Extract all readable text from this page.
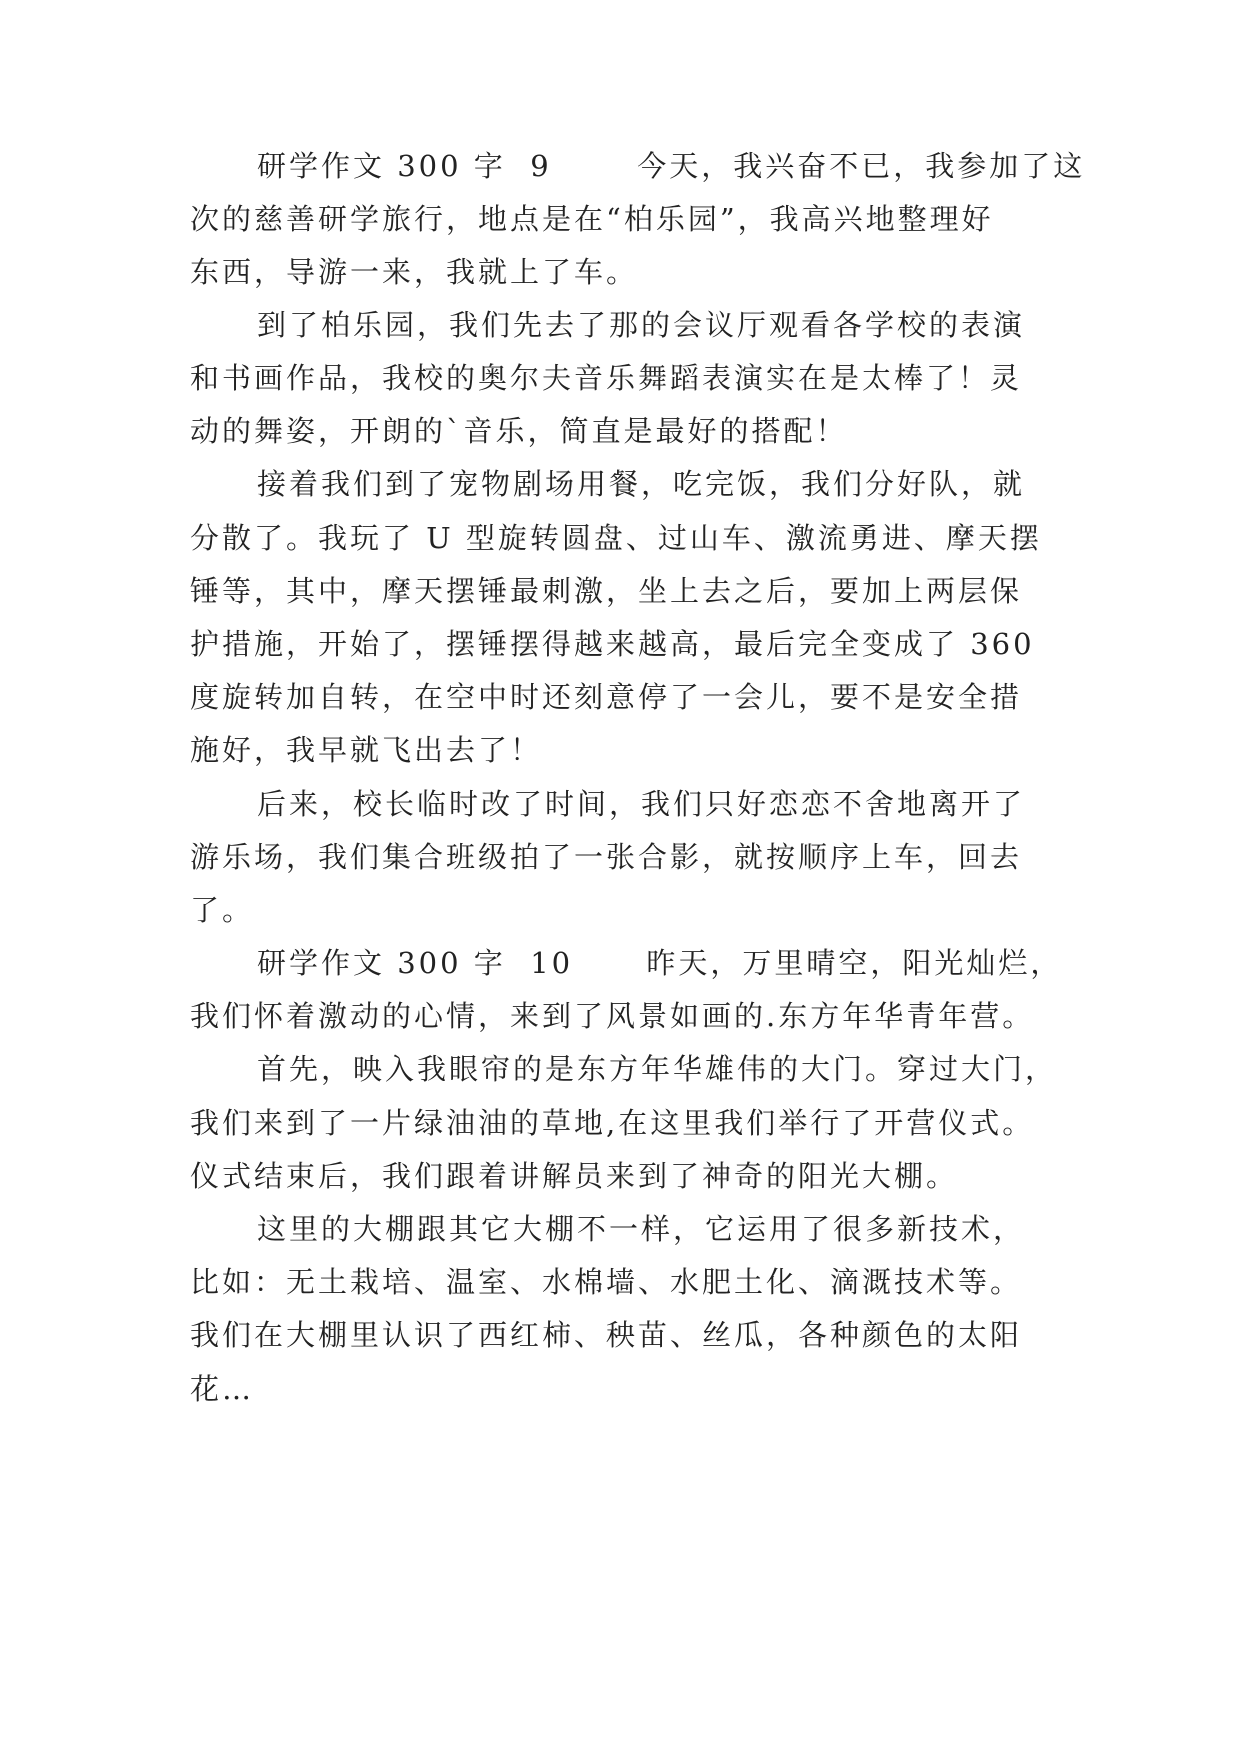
研学作文 300 字  9       今天，我兴奋不已，我参加了这

次的慈善研学旅行，地点是在“柏乐园”，我高兴地整理好

东西，导游一来，我就上了车。

到了柏乐园，我们先去了那的会议厅观看各学校的表演

和书画作品，我校的奥尔夫音乐舞蹈表演实在是太棒了！灵

动的舞姿，开朗的`音乐，简直是最好的搭配！

接着我们到了宠物剧场用餐，吃完饭，我们分好队，就

分散了。我玩了 U 型旋转圆盘、过山车、激流勇进、摩天摆

锤等，其中，摩天摆锤最刺激，坐上去之后，要加上两层保

护措施，开始了，摆锤摆得越来越高，最后完全变成了 360

度旋转加自转，在空中时还刻意停了一会儿，要不是安全措

施好，我早就飞出去了！

后来，校长临时改了时间，我们只好恋恋不舍地离开了

游乐场，我们集合班级拍了一张合影，就按顺序上车，回去

了。

研学作文 300 字  10      昨天，万里晴空，阳光灿烂，

我们怀着激动的心情，来到了风景如画的.东方年华青年营。

首先，映入我眼帘的是东方年华雄伟的大门。穿过大门，

我们来到了一片绿油油的草地,在这里我们举行了开营仪式。

仪式结束后，我们跟着讲解员来到了神奇的阳光大棚。

这里的大棚跟其它大棚不一样，它运用了很多新技术，

比如：无土栽培、温室、水棉墙、水肥土化、滴溉技术等。

我们在大棚里认识了西红柿、秧苗、丝瓜，各种颜色的太阳

花…
